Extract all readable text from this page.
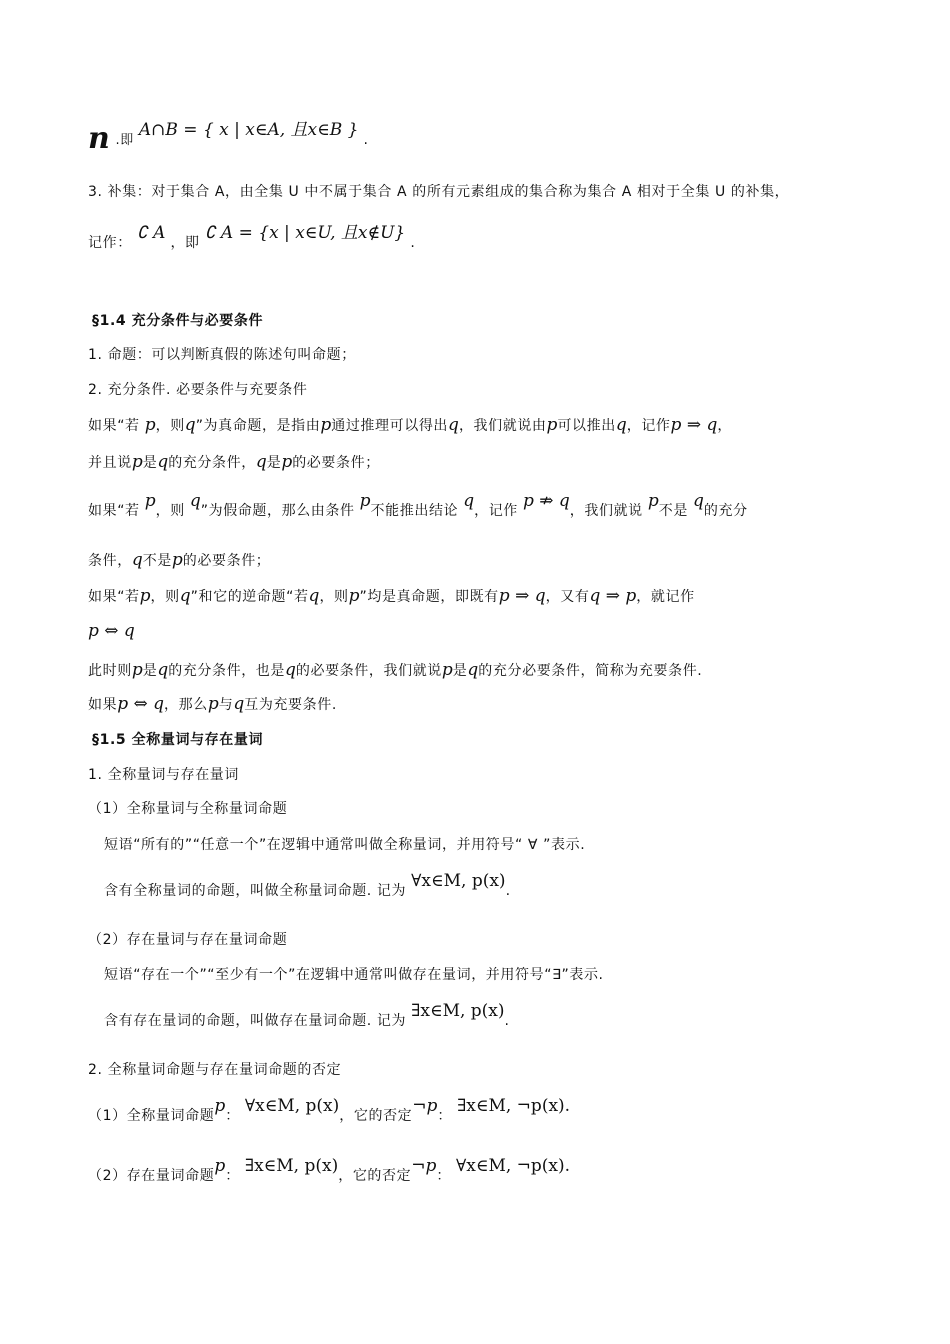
n .即 A∩B = { x | x∈A, 且x∈B } .
3. 补集：对于集合 A，由全集 U 中不属于集合 A 的所有元素组成的集合称为集合 A 相对于全集 U 的补集，
记作： ∁ A ，即 ∁ A = {x | x∈U, 且x∉U} .
§1.4 充分条件与必要条件
1. 命题：可以判断真假的陈述句叫命题；
2. 充分条件. 必要条件与充要条件
如果“若 p，则q”为真命题，是指由p通过推理可以得出q，我们就说由p可以推出q，记作p ⇒ q，
并且说p是q的充分条件，q是p的必要条件；
如果“若 p，则 q”为假命题，那么由条件 p不能推出结论 q，记作 p ⇏ q，我们就说 p不是 q的充分
条件，q不是p的必要条件；
如果“若p，则q”和它的逆命题“若q，则p”均是真命题，即既有p ⇒ q，又有q ⇒ p，就记作
p ⇔ q
此时则p是q的充分条件，也是q的必要条件，我们就说p是q的充分必要条件，简称为充要条件.
如果p ⇔ q，那么p与q互为充要条件.
§1.5 全称量词与存在量词
1. 全称量词与存在量词
（1）全称量词与全称量词命题
短语“所有的”“任意一个”在逻辑中通常叫做全称量词，并用符号“ ∀ ”表示.
含有全称量词的命题，叫做全称量词命题. 记为 ∀x∈M, p(x).
（2）存在量词与存在量词命题
短语“存在一个”“至少有一个”在逻辑中通常叫做存在量词，并用符号“∃”表示.
含有存在量词的命题，叫做存在量词命题. 记为 ∃x∈M, p(x).
2. 全称量词命题与存在量词命题的否定
（1）全称量词命题p： ∀x∈M, p(x)，它的否定¬p： ∃x∈M, ¬p(x).
（2）存在量词命题p： ∃x∈M, p(x)，它的否定¬p： ∀x∈M, ¬p(x).
